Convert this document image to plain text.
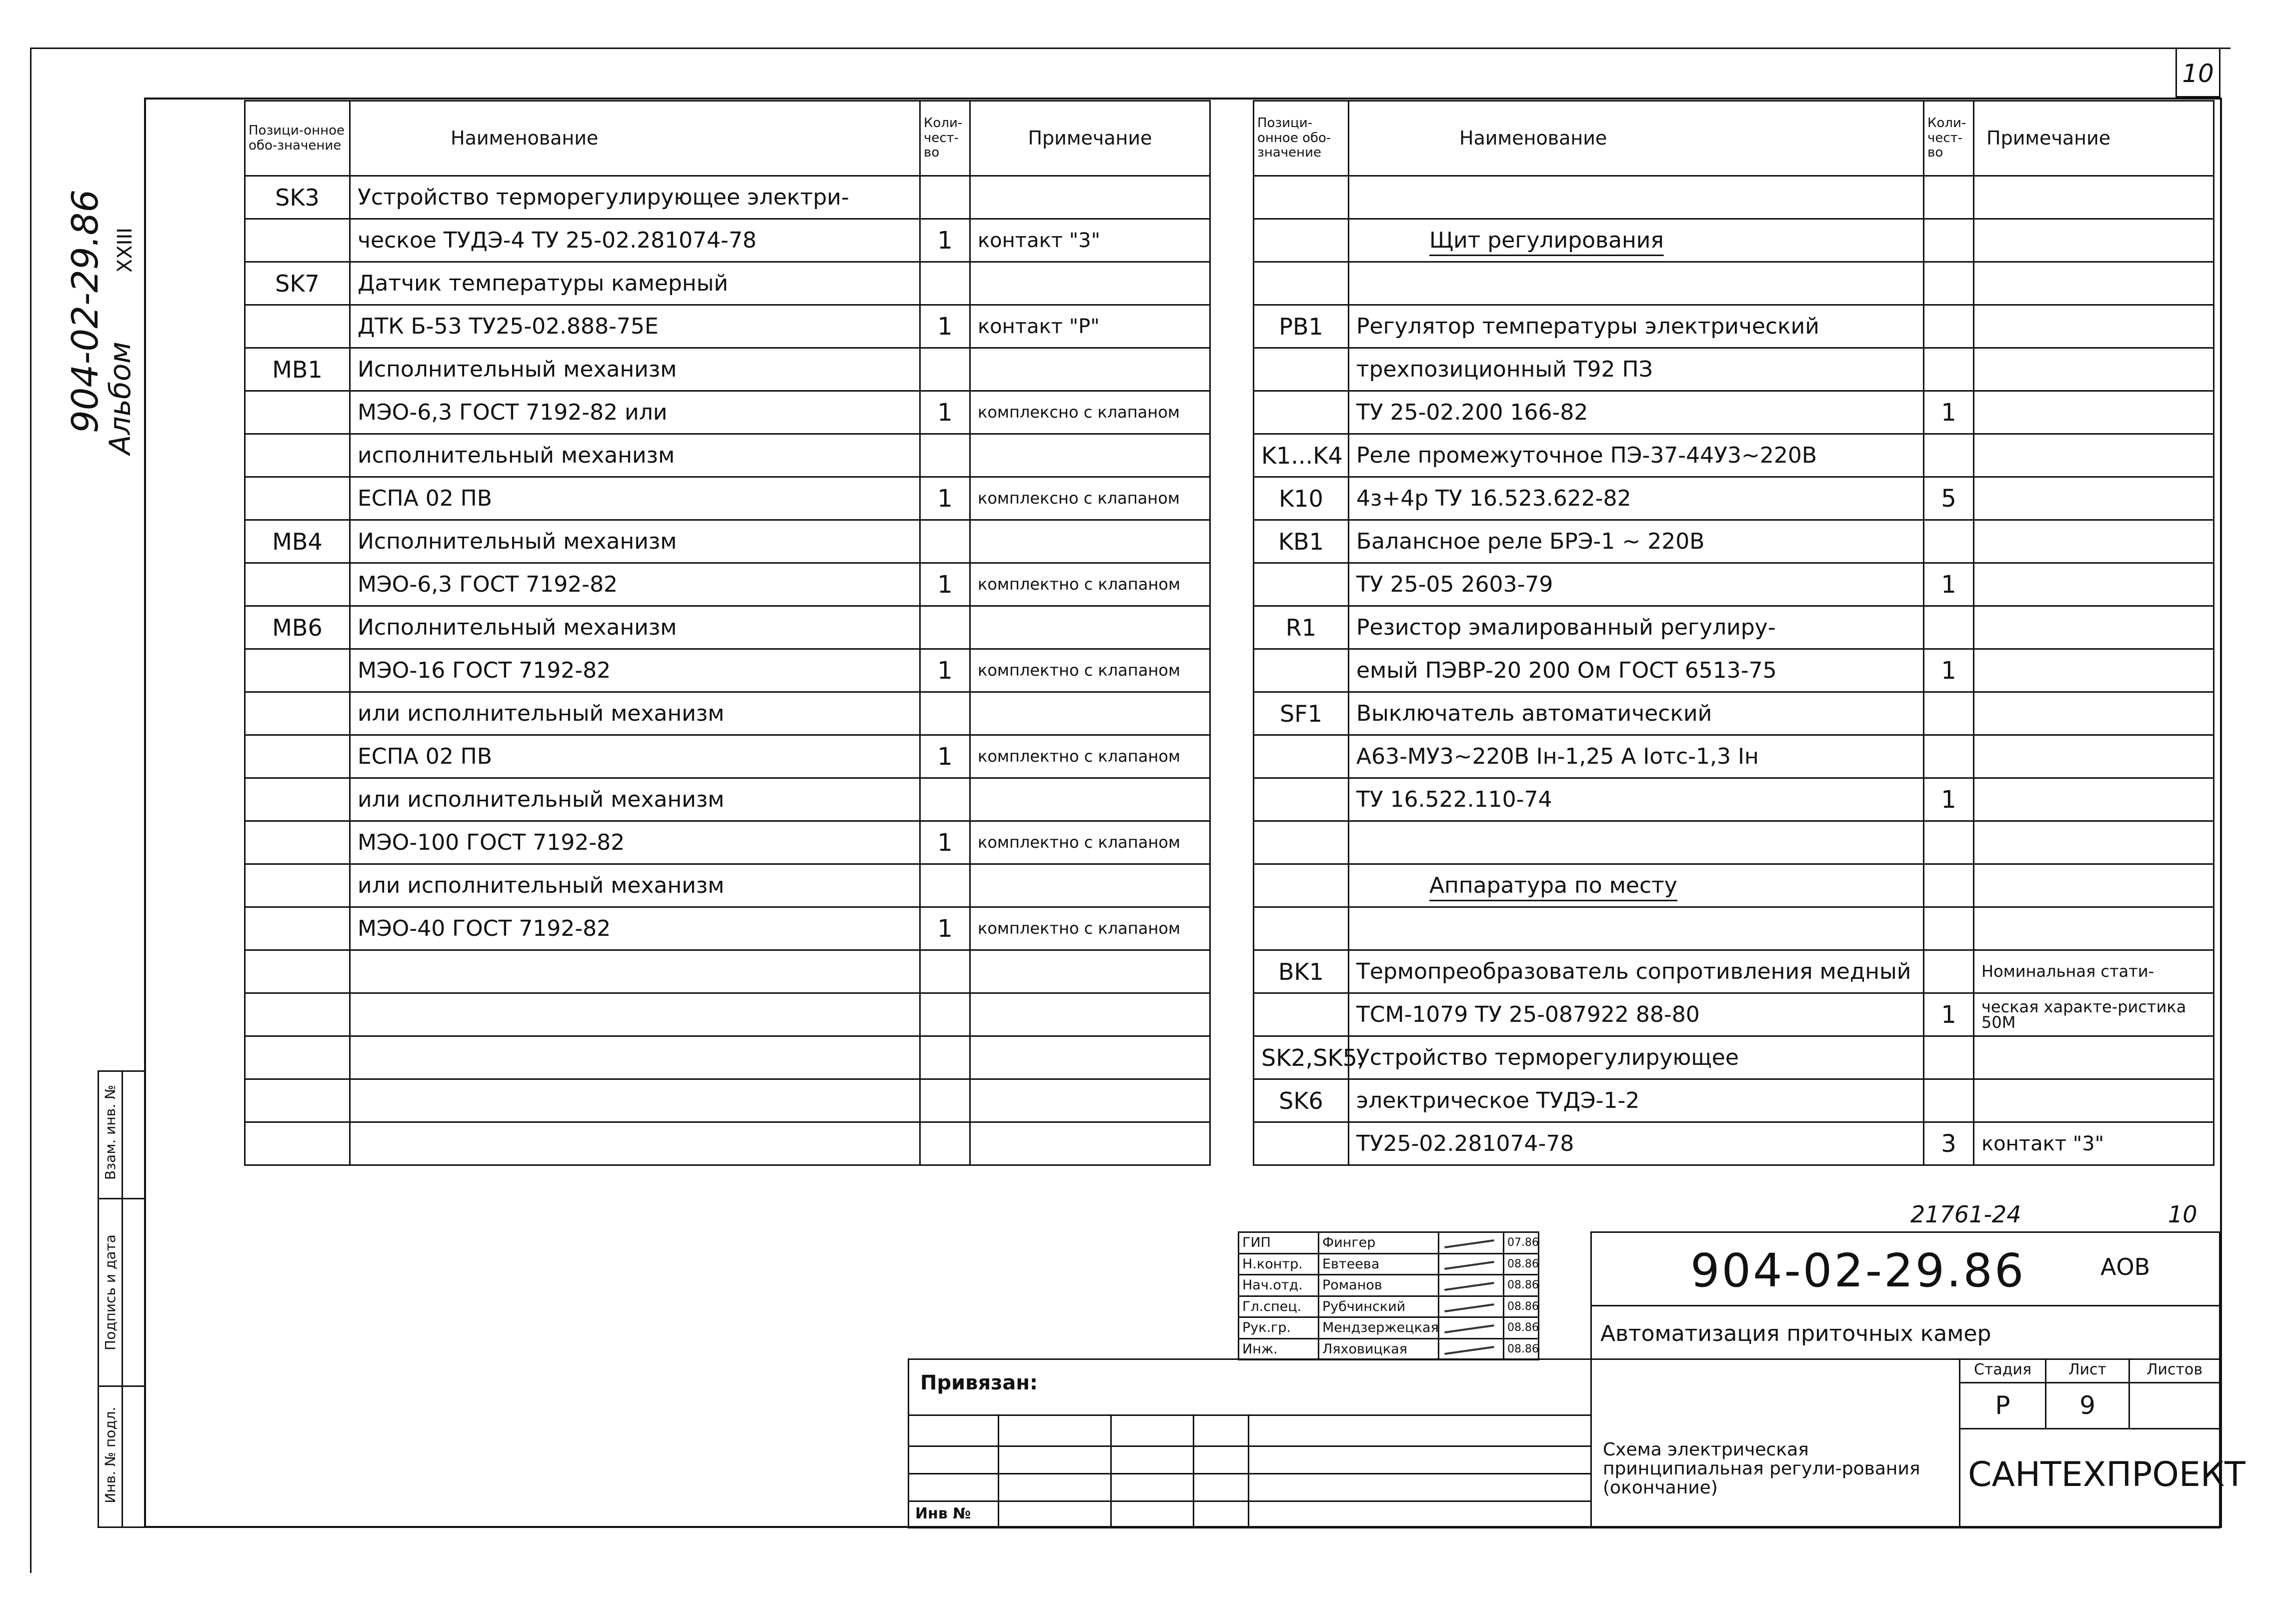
10
904-02-29.86
Альбом
XXIII
Инв. № подл.
Подпись и дата
Взам. инв. №
Позици-онное обо-значение	Наименование	Коли-чест-во	Примечание
SK3	Устройство терморегулирующее электри-		
	ческое ТУДЭ-4 ТУ 25-02.281074-78	1	контакт "3"
SK7	Датчик температуры камерный		
	ДТК Б-53 ТУ25-02.888-75Е	1	контакт "Р"
MB1	Исполнительный механизм		
	МЭО-6,3 ГОСТ 7192-82 или	1	комплексно с клапаном
	исполнительный механизм		
	ЕСПА 02 ПВ	1	комплексно с клапаном
MB4	Исполнительный механизм		
	МЭО-6,3 ГОСТ 7192-82	1	комплектно с клапаном
MB6	Исполнительный механизм		
	МЭО-16 ГОСТ 7192-82	1	комплектно с клапаном
	или исполнительный механизм		
	ЕСПА 02 ПВ	1	комплектно с клапаном
	или исполнительный механизм		
	МЭО-100 ГОСТ 7192-82	1	комплектно с клапаном
	или исполнительный механизм		
	МЭО-40 ГОСТ 7192-82	1	комплектно с клапаном

Позици-онное обо-значение	Наименование	Коли-чест-во	Примечание

	Щит регулирования		

PB1	Регулятор температуры электрический		
	трехпозиционный Т92 ПЗ		
	ТУ 25-02.200 166-82	1	
K1...K4	Реле промежуточное ПЭ-37-44У3~220В		
K10	4з+4р ТУ 16.523.622-82	5	
KB1	Балансное реле БРЭ-1 ~ 220В		
	ТУ 25-05 2603-79	1	
R1	Резистор эмалированный регулиру-		
	емый ПЭВР-20 200 Ом ГОСТ 6513-75	1	
SF1	Выключатель автоматический		
	А63-МУ3~220В Iн-1,25 А Iотс-1,3 Iн		
	ТУ 16.522.110-74	1	

	Аппаратура по месту		

BK1	Термопреобразователь сопротивления медный		Номинальная стати-
	ТСМ-1079 ТУ 25-087922 88-80	1	ческая характе-ристика 50М
SK2,SK5,	Устройство терморегулирующее		
SK6	электрическое ТУДЭ-1-2		
	ТУ25-02.281074-78	3	контакт "3"
21761-24	10
ГИП	Фингер	07.86
Н.контр.	Евтеева	08.86
Нач.отд.	Романов	08.86
Гл.спец.	Рубчинский	08.86
Рук.гр.	Мендзержецкая	08.86
Инж.	Ляховицкая	08.86
904-02-29.86	АОВ
Автоматизация приточных камер
Схема электрическая принципиальная регули-рования (окончание)
Стадия	Лист	Листов
Р	9
САНТЕХПРОЕКТ
Привязан:
Инв №
